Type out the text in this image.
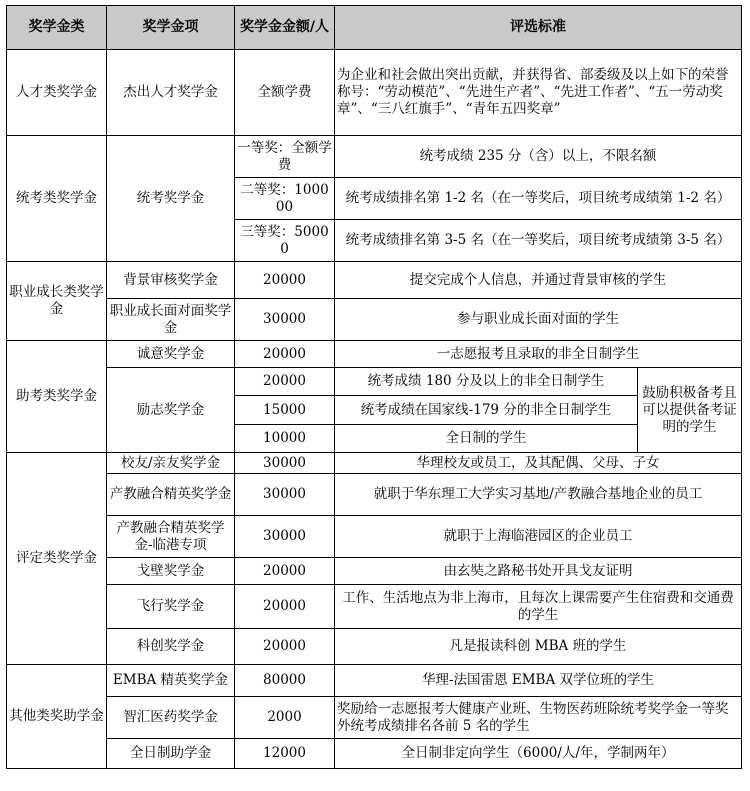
奖学金类	奖学金项	奖学金金额/人	评选标准	
人才类奖学金	杰出人才奖学金	全额学费	为企业和社会做出突出贡献，并获得省、部委级及以上如下的荣誉称号：“劳动模范”、“先进生产者”、“先进工作者”、“五一劳动奖章”、“三八红旗手”、“青年五四奖章”	
统考类奖学金	统考奖学金	一等奖：全额学费	统考成绩 235 分（含）以上，不限名额	
		二等奖：100000	统考成绩排名第 1-2 名（在一等奖后，项目统考成绩第 1-2 名）	
		三等奖：50000	统考成绩排名第 3-5 名（在一等奖后，项目统考成绩第 3-5 名）	
职业成长类奖学金	背景审核奖学金	20000	提交完成个人信息，并通过背景审核的学生	
	职业成长面对面奖学金	30000	参与职业成长面对面的学生	
助考类奖学金	诚意奖学金	20000	一志愿报考且录取的非全日制学生	
	励志奖学金	20000	统考成绩 180 分及以上的非全日制学生	鼓励积极备考且可以提供备考证明的学生
		15000	统考成绩在国家线-179 分的非全日制学生	
		10000	全日制的学生	
评定类奖学金	校友/亲友奖学金	30000	华理校友或员工，及其配偶、父母、子女	
	产教融合精英奖学金	30000	就职于华东理工大学实习基地/产教融合基地企业的员工	
	产教融合精英奖学金-临港专项	30000	就职于上海临港园区的企业员工	
	戈壁奖学金	20000	由玄奘之路秘书处开具戈友证明	
	飞行奖学金	20000	工作、生活地点为非上海市，且每次上课需要产生住宿费和交通费的学生	
	科创奖学金	20000	凡是报读科创 MBA 班的学生	
其他类奖助学金	EMBA 精英奖学金	80000	华理-法国雷恩 EMBA 双学位班的学生	
	智汇医药奖学金	2000	奖励给一志愿报考大健康产业班、生物医药班除统考奖学金一等奖外统考成绩排名各前 5 名的学生	
	全日制助学金	12000	全日制非定向学生（6000/人/年，学制两年）	
